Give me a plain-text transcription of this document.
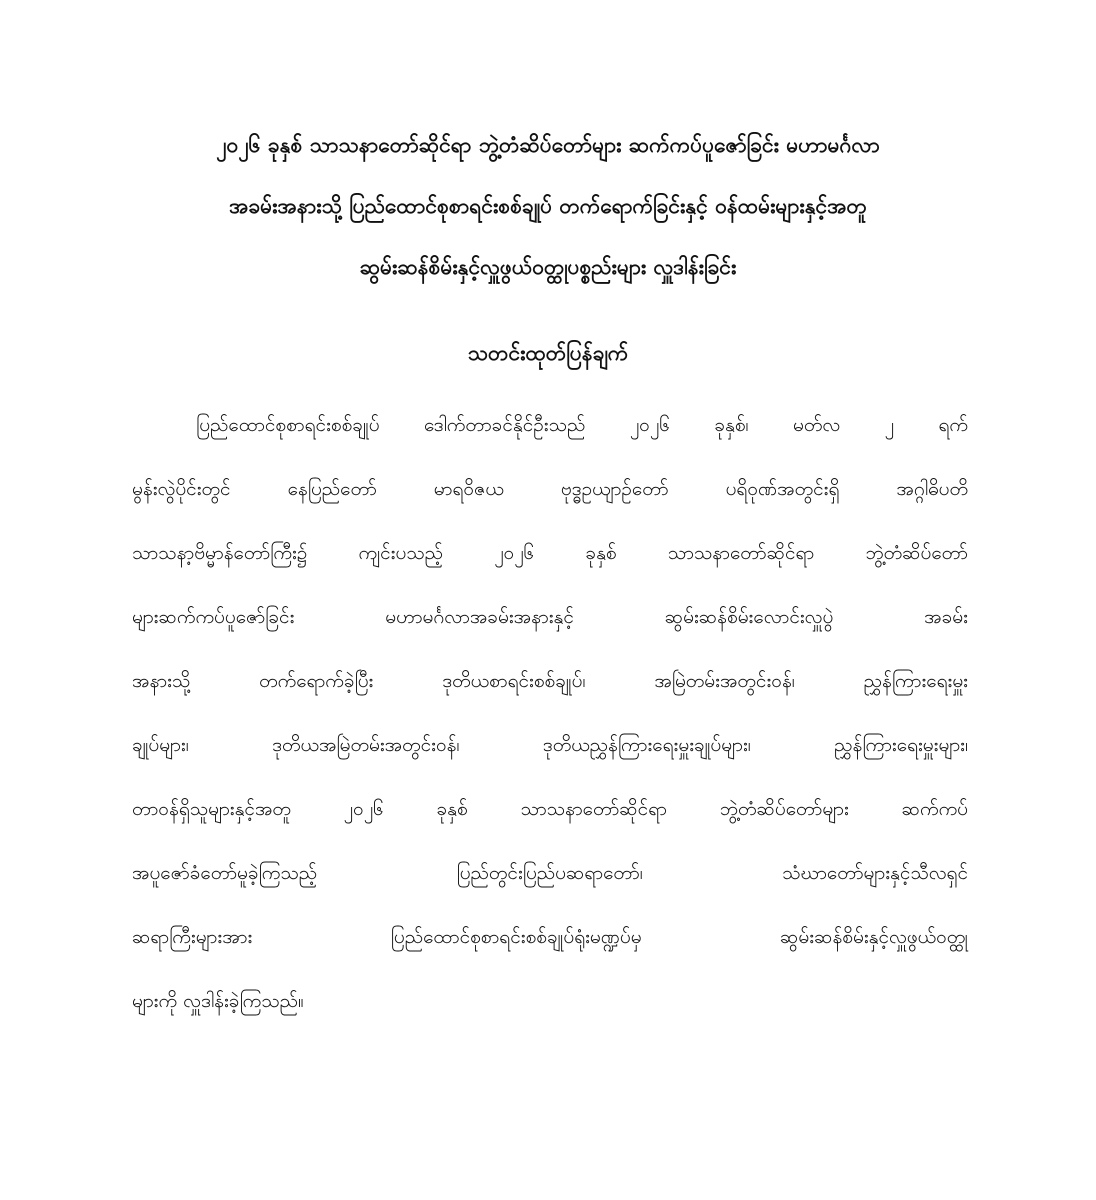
၂၀၂၆ ခုနှစ် သာသနာတော်ဆိုင်ရာ ဘွဲ့တံဆိပ်တော်များ ဆက်ကပ်ပူဇော်ခြင်း မဟာမင်္ဂလာ
အခမ်းအနားသို့ ပြည်ထောင်စုစာရင်းစစ်ချုပ် တက်ရောက်ခြင်းနှင့် ဝန်ထမ်းများနှင့်အတူ
ဆွမ်းဆန်စိမ်းနှင့်လှူဖွယ်ဝတ္ထုပစ္စည်းများ လှူဒါန်းခြင်း
သတင်းထုတ်ပြန်ချက်
ပြည်ထောင်စုစာရင်းစစ်ချုပ် ဒေါက်တာခင်နိုင်ဦးသည် ၂၀၂၆ ခုနှစ်၊ မတ်လ ၂ ရက်
မွန်းလွဲပိုင်းတွင် နေပြည်တော် မာရဝိဇယ ဗုဒ္ဓဥယျာဉ်တော် ပရိဝုဏ်အတွင်းရှိ အဂ္ဂါဓိပတိ
သာသနာ့ဗိမ္မာန်တော်ကြီး၌ ကျင်းပသည့် ၂၀၂၆ ခုနှစ် သာသနာတော်ဆိုင်ရာ ဘွဲ့တံဆိပ်တော်
များဆက်ကပ်ပူဇော်ခြင်း မဟာမင်္ဂလာအခမ်းအနားနှင့် ဆွမ်းဆန်စိမ်းလောင်းလှူပွဲ အခမ်း
အနားသို့ တက်ရောက်ခဲ့ပြီး ဒုတိယစာရင်းစစ်ချုပ်၊ အမြဲတမ်းအတွင်းဝန်၊ ညွှန်ကြားရေးမှူး
ချုပ်များ၊ ဒုတိယအမြဲတမ်းအတွင်းဝန်၊ ဒုတိယညွှန်ကြားရေးမှူးချုပ်များ၊ ညွှန်ကြားရေးမှူးများ၊
တာဝန်ရှိသူများနှင့်အတူ ၂၀၂၆ ခုနှစ် သာသနာတော်ဆိုင်ရာ ဘွဲ့တံဆိပ်တော်များ ဆက်ကပ်
အပူဇော်ခံတော်မူခဲ့ကြသည့် ပြည်တွင်းပြည်ပဆရာတော်၊ သံဃာတော်များနှင့်သီလရှင်
ဆရာကြီးများအား ပြည်ထောင်စုစာရင်းစစ်ချုပ်ရုံးမဏ္ဍပ်မှ ဆွမ်းဆန်စိမ်းနှင့်လှူဖွယ်ဝတ္ထု
များကို လှူဒါန်းခဲ့ကြသည်။
